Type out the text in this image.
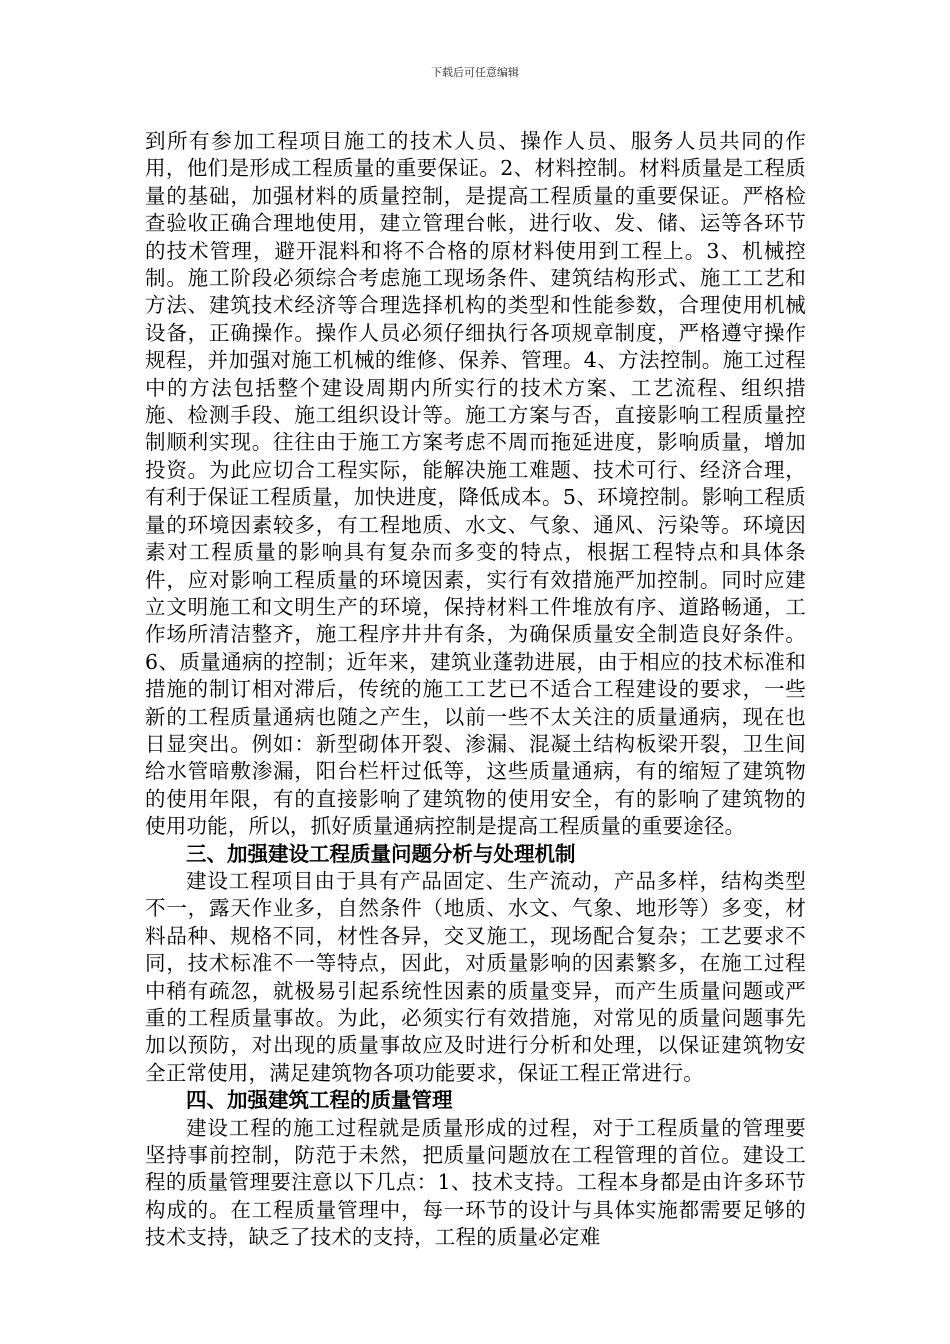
下载后可任意编辑

到所有参加工程项目施工的技术人员、操作人员、服务人员共同的作用，他们是形成工程质量的重要保证。2、材料控制。材料质量是工程质量的基础，加强材料的质量控制，是提高工程质量的重要保证。严格检查验收正确合理地使用，建立管理台帐，进行收、发、储、运等各环节的技术管理，避开混料和将不合格的原材料使用到工程上。3、机械控制。施工阶段必须综合考虑施工现场条件、建筑结构形式、施工工艺和方法、建筑技术经济等合理选择机构的类型和性能参数，合理使用机械设备，正确操作。操作人员必须仔细执行各项规章制度，严格遵守操作规程，并加强对施工机械的维修、保养、管理。4、方法控制。施工过程中的方法包括整个建设周期内所实行的技术方案、工艺流程、组织措施、检测手段、施工组织设计等。施工方案与否，直接影响工程质量控制顺利实现。往往由于施工方案考虑不周而拖延进度，影响质量，增加投资。为此应切合工程实际，能解决施工难题、技术可行、经济合理，有利于保证工程质量，加快进度，降低成本。5、环境控制。影响工程质量的环境因素较多，有工程地质、水文、气象、通风、污染等。环境因素对工程质量的影响具有复杂而多变的特点，根据工程特点和具体条件，应对影响工程质量的环境因素，实行有效措施严加控制。同时应建立文明施工和文明生产的环境，保持材料工件堆放有序、道路畅通，工作场所清洁整齐，施工程序井井有条，为确保质量安全制造良好条件。6、质量通病的控制；近年来，建筑业蓬勃进展，由于相应的技术标准和措施的制订相对滞后，传统的施工工艺已不适合工程建设的要求，一些新的工程质量通病也随之产生，以前一些不太关注的质量通病，现在也日显突出。例如：新型砌体开裂、渗漏、混凝土结构板梁开裂，卫生间给水管暗敷渗漏，阳台栏杆过低等，这些质量通病，有的缩短了建筑物的使用年限，有的直接影响了建筑物的使用安全，有的影响了建筑物的使用功能，所以，抓好质量通病控制是提高工程质量的重要途径。

三、加强建设工程质量问题分析与处理机制

建设工程项目由于具有产品固定、生产流动，产品多样，结构类型不一，露天作业多，自然条件（地质、水文、气象、地形等）多变，材料品种、规格不同，材性各异，交叉施工，现场配合复杂；工艺要求不同，技术标准不一等特点，因此，对质量影响的因素繁多，在施工过程中稍有疏忽，就极易引起系统性因素的质量变异，而产生质量问题或严重的工程质量事故。为此，必须实行有效措施，对常见的质量问题事先加以预防，对出现的质量事故应及时进行分析和处理，以保证建筑物安全正常使用，满足建筑物各项功能要求，保证工程正常进行。

四、加强建筑工程的质量管理

建设工程的施工过程就是质量形成的过程，对于工程质量的管理要坚持事前控制，防范于未然，把质量问题放在工程管理的首位。建设工程的质量管理要注意以下几点：1、技术支持。工程本身都是由许多环节构成的。在工程质量管理中，每一环节的设计与具体实施都需要足够的技术支持，缺乏了技术的支持，工程的质量必定难
